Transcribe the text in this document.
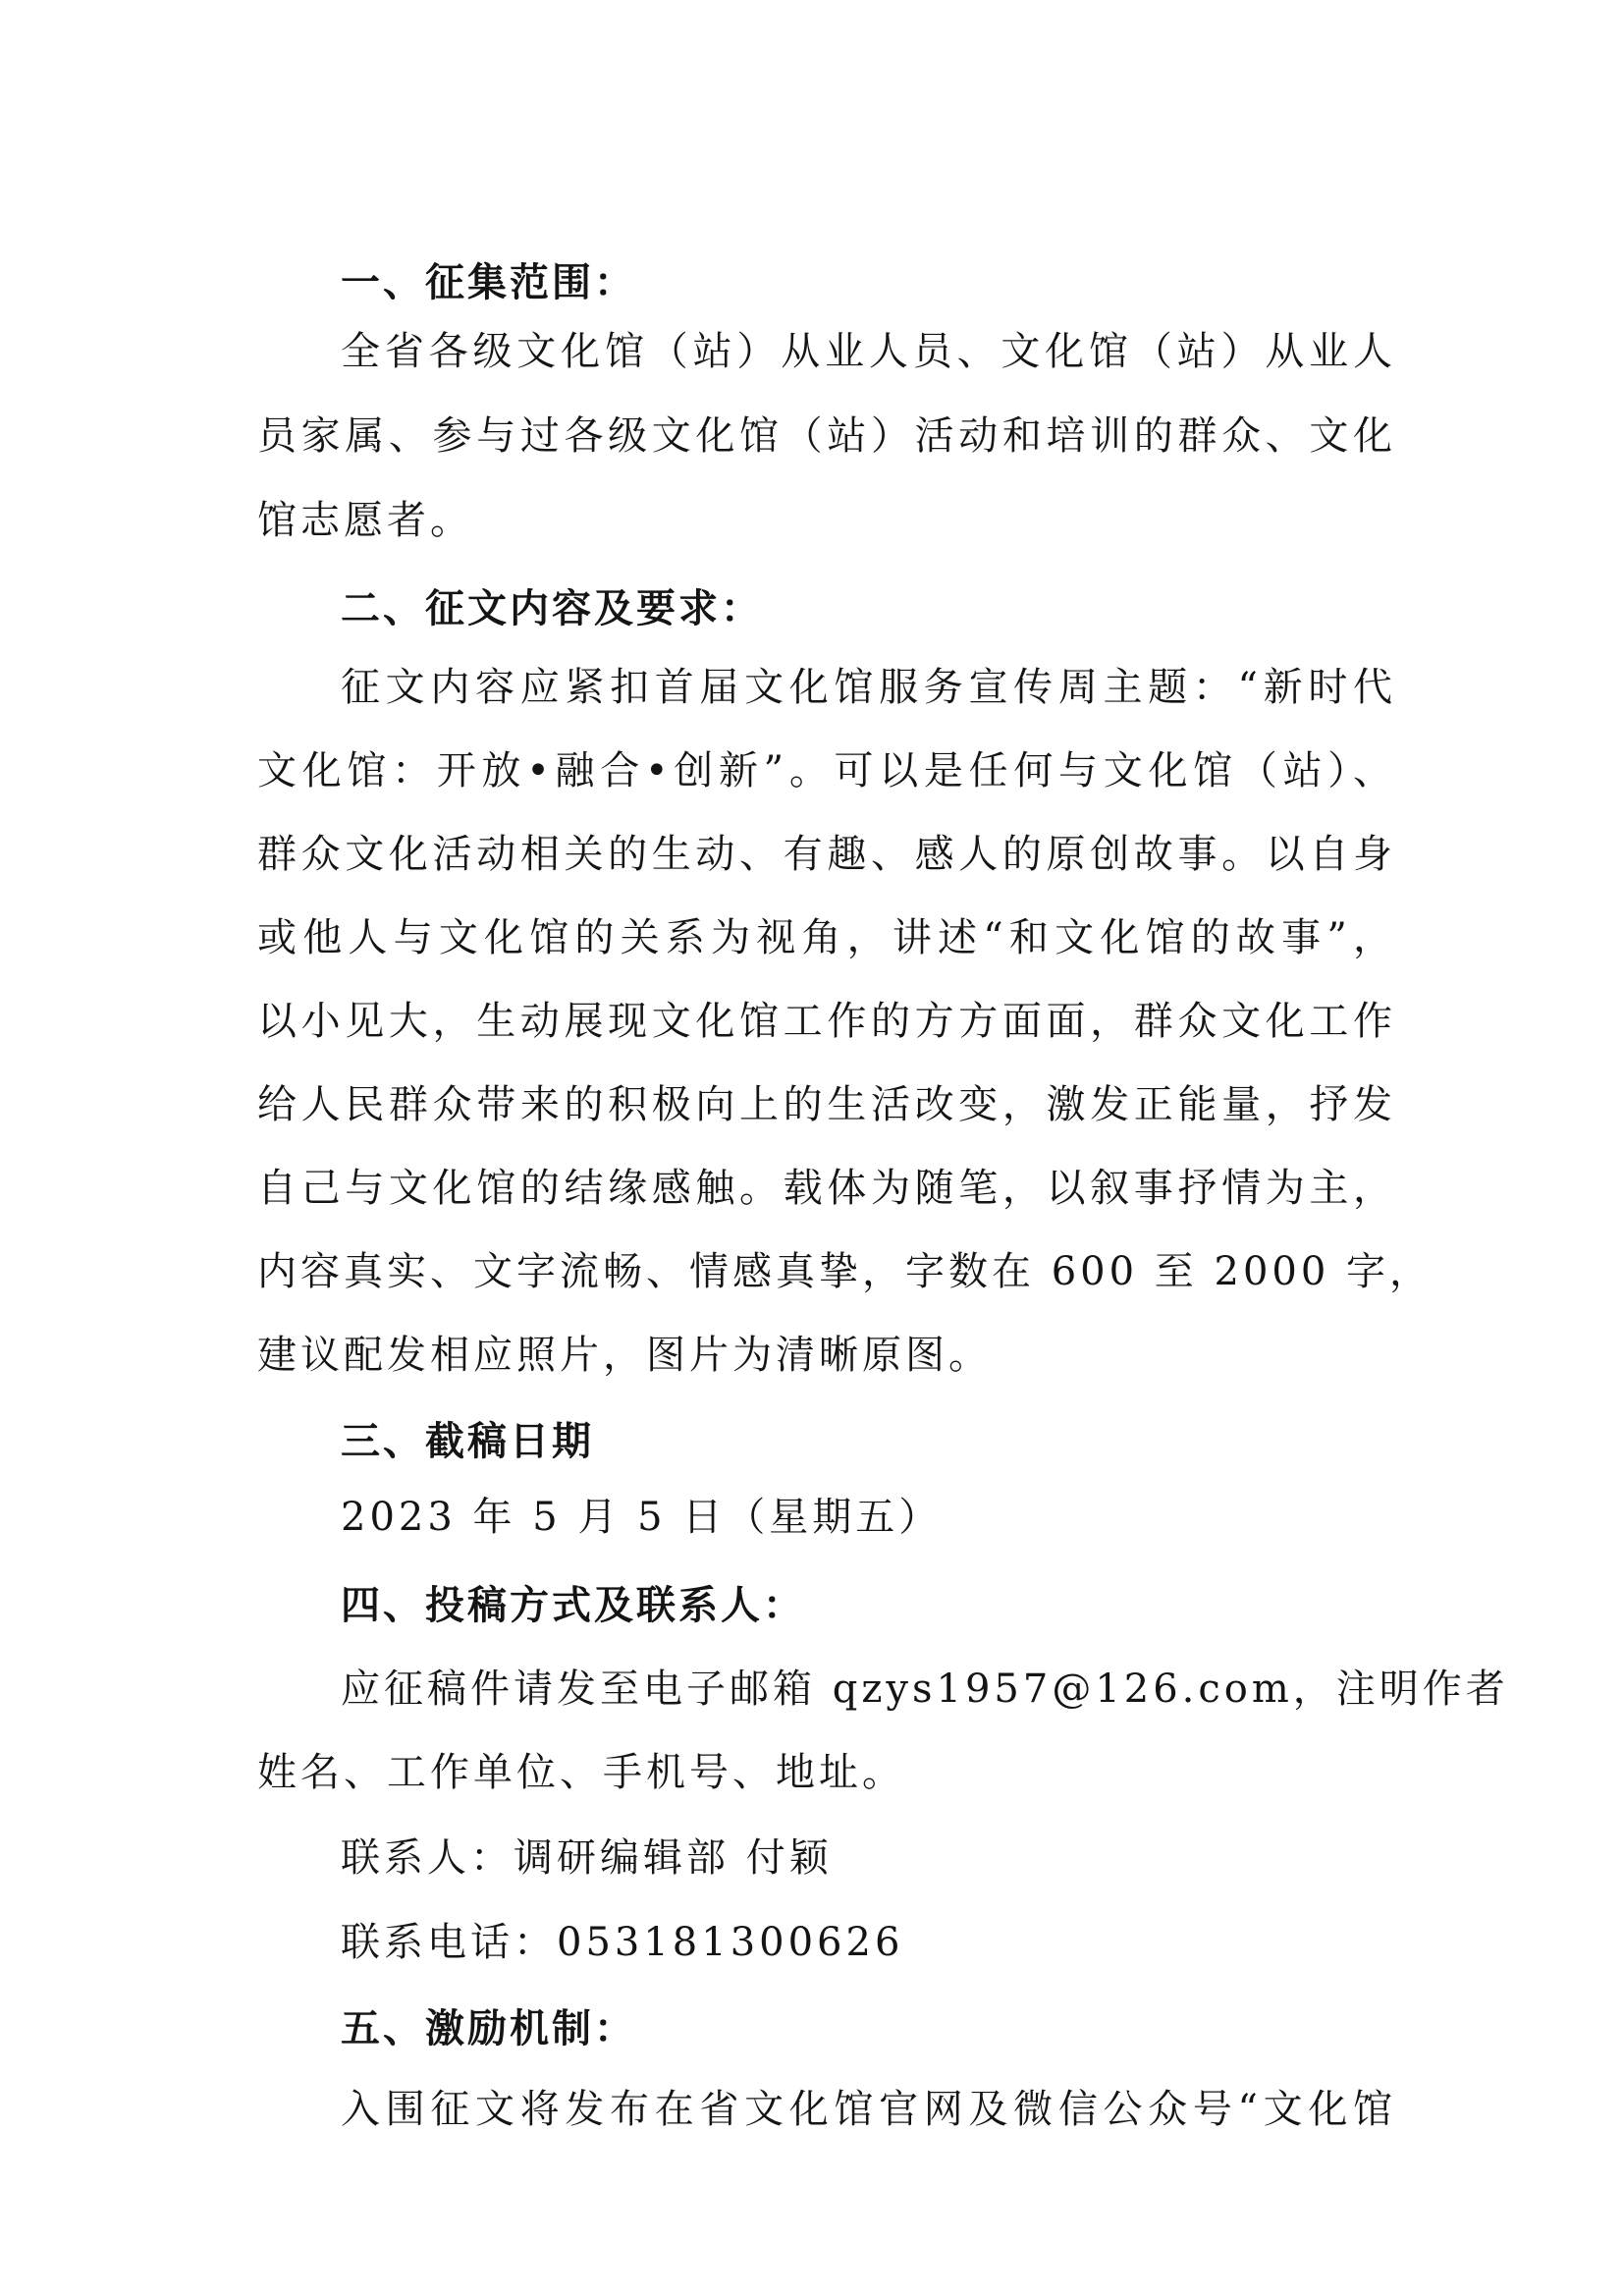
一、征集范围：
全省各级文化馆（站）从业人员、文化馆（站）从业人
员家属、参与过各级文化馆（站）活动和培训的群众、文化
馆志愿者。
二、征文内容及要求：
征文内容应紧扣首届文化馆服务宣传周主题：“新时代
文化馆：开放•融合•创新”。可以是任何与文化馆（站）、
群众文化活动相关的生动、有趣、感人的原创故事。以自身
或他人与文化馆的关系为视角，讲述“和文化馆的故事”，
以小见大，生动展现文化馆工作的方方面面，群众文化工作
给人民群众带来的积极向上的生活改变，激发正能量，抒发
自己与文化馆的结缘感触。载体为随笔，以叙事抒情为主，
内容真实、文字流畅、情感真挚，字数在 600 至 2000 字，
建议配发相应照片，图片为清晰原图。
三、截稿日期
2023 年 5 月 5 日（星期五）
四、投稿方式及联系人：
应征稿件请发至电子邮箱 qzys1957@126.com，注明作者
姓名、工作单位、手机号、地址。
联系人：调研编辑部 付颖
联系电话：053181300626
五、激励机制：
入围征文将发布在省文化馆官网及微信公众号“文化馆
